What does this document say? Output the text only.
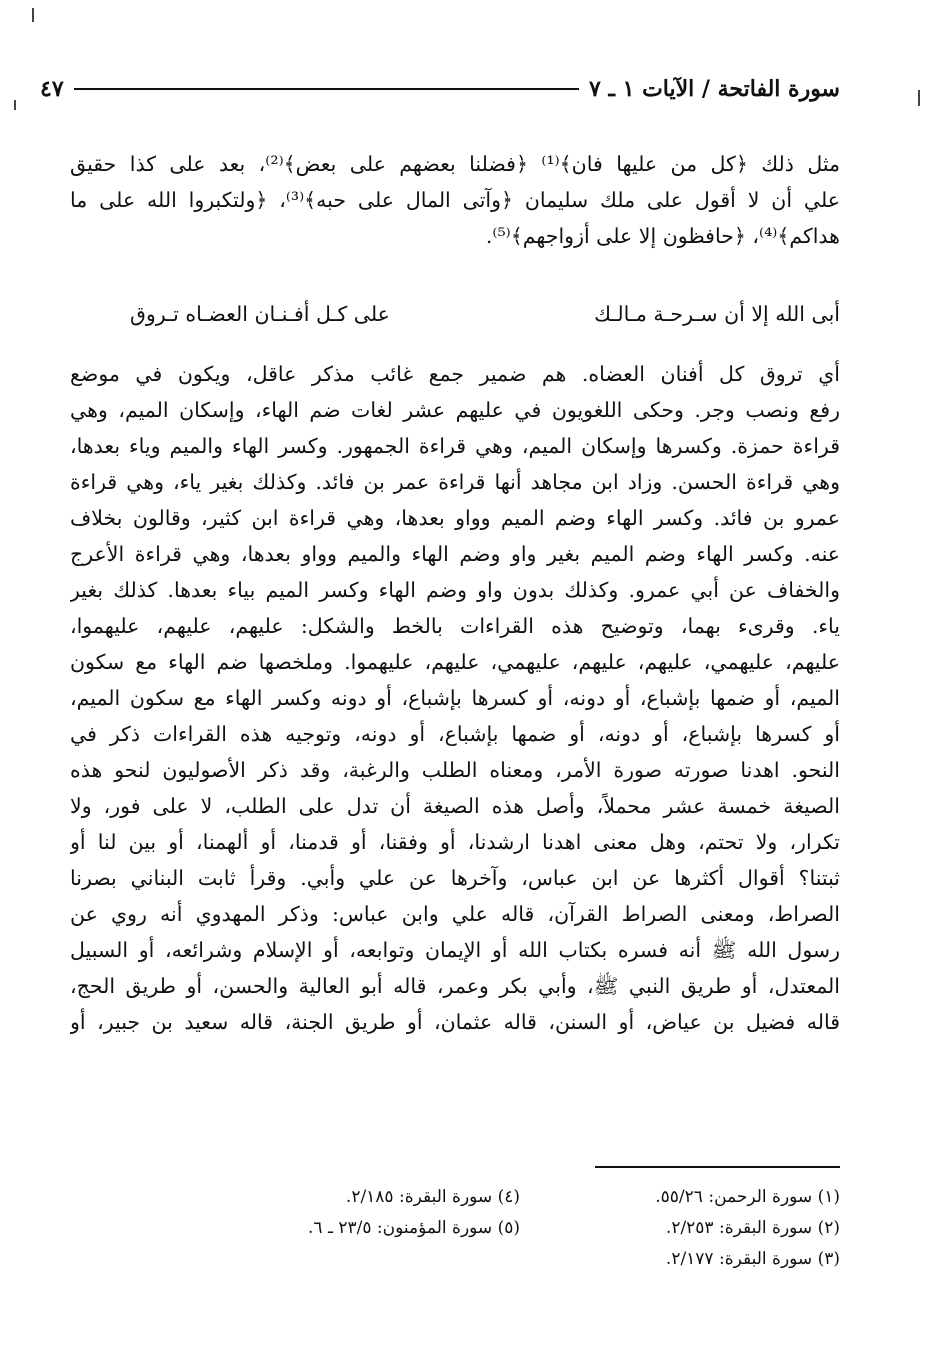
سورة الفاتحة / الآيات ١ ـ ٧
٤٧
مثل ذلك ﴿كل من عليها فان﴾⁽¹⁾ ﴿فضلنا بعضهم على بعض﴾⁽²⁾، بعد على كذا حقيق
علي أن لا أقول على ملك سليمان ﴿وآتى المال على حبه﴾⁽³⁾، ﴿ولتكبروا الله على ما
هداكم﴾⁽⁴⁾، ﴿حافظون إلا على أزواجهم﴾⁽⁵⁾.
أبى الله إلا أن سـرحـة مـالـك
على كـل أفـنـان العضـاه تـروق
أي تروق كل أفنان العضاه. هم ضمير جمع غائب مذكر عاقل، ويكون في موضع
رفع ونصب وجر. وحكى اللغويون في عليهم عشر لغات ضم الهاء، وإسكان الميم، وهي
قراءة حمزة. وكسرها وإسكان الميم، وهي قراءة الجمهور. وكسر الهاء والميم وياء بعدها،
وهي قراءة الحسن. وزاد ابن مجاهد أنها قراءة عمر بن فائد. وكذلك بغير ياء، وهي قراءة
عمرو بن فائد. وكسر الهاء وضم الميم وواو بعدها، وهي قراءة ابن كثير، وقالون بخلاف
عنه. وكسر الهاء وضم الميم بغير واو وضم الهاء والميم وواو بعدها، وهي قراءة الأعرج
والخفاف عن أبي عمرو. وكذلك بدون واو وضم الهاء وكسر الميم بياء بعدها. كذلك بغير
ياء. وقرىء بهما، وتوضيح هذه القراءات بالخط والشكل: عليهم، عليهم، عليهموا،
عليهم، عليهمي، عليهم، عليهم، عليهمي، عليهم، عليهموا. وملخصها ضم الهاء مع سكون
الميم، أو ضمها بإشباع، أو دونه، أو كسرها بإشباع، أو دونه وكسر الهاء مع سكون الميم،
أو كسرها بإشباع، أو دونه، أو ضمها بإشباع، أو دونه، وتوجيه هذه القراءات ذكر في
النحو. اهدنا صورته صورة الأمر، ومعناه الطلب والرغبة، وقد ذكر الأصوليون لنحو هذه
الصيغة خمسة عشر محملاً، وأصل هذه الصيغة أن تدل على الطلب، لا على فور، ولا
تكرار، ولا تحتم، وهل معنى اهدنا ارشدنا، أو وفقنا، أو قدمنا، أو ألهمنا، أو بين لنا أو
ثبتنا؟ أقوال أكثرها عن ابن عباس، وآخرها عن علي وأبي. وقرأ ثابت البناني بصرنا
الصراط، ومعنى الصراط القرآن، قاله علي وابن عباس: وذكر المهدوي أنه روي عن
رسول الله ﷺ أنه فسره بكتاب الله أو الإيمان وتوابعه، أو الإسلام وشرائعه، أو السبيل
المعتدل، أو طريق النبي ﷺ، وأبي بكر وعمر، قاله أبو العالية والحسن، أو طريق الحج،
قاله فضيل بن عياض، أو السنن، قاله عثمان، أو طريق الجنة، قاله سعيد بن جبير، أو
(١) سورة الرحمن: ٥٥/٢٦.
(٢) سورة البقرة: ٢/٢٥٣.
(٣) سورة البقرة: ٢/١٧٧.
(٤) سورة البقرة: ٢/١٨٥.
(٥) سورة المؤمنون: ٢٣/٥ ـ ٦.
